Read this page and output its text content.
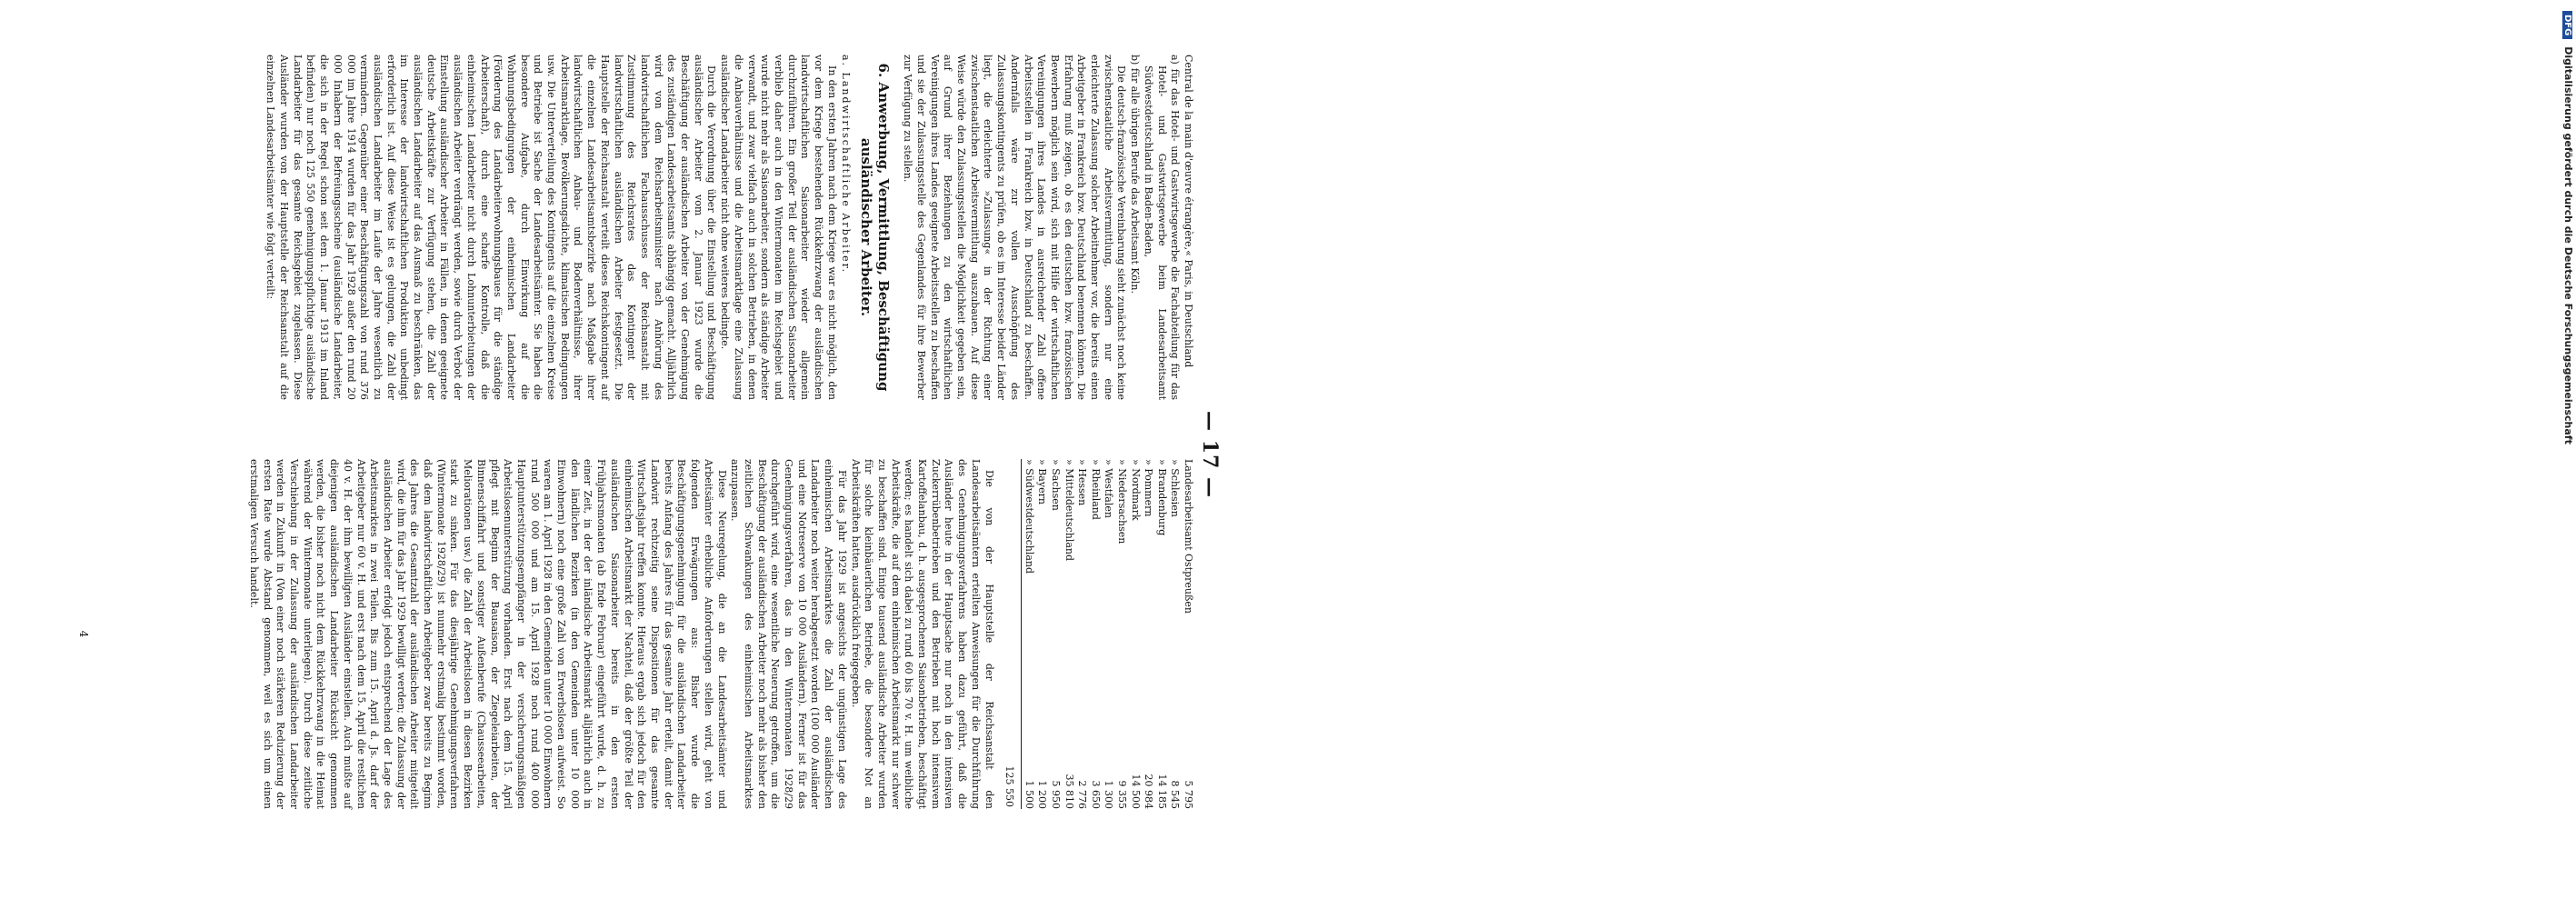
— 17 —

Central de la main d'œuvre étrangère,« Paris, in Deutschland

a) für das Hotel- und Gastwirtsgewerbe die Fachabteilung für das Hotel- und Gastwirtsgewerbe beim Landesarbeitsamt Südwestdeutschland in Baden-Baden,

b) für alle übrigen Berufe das Arbeitsamt Köln.

Die deutsch-französische Vereinbarung sieht zunächst noch keine zwischenstaatliche Arbeitsvermittlung, sondern nur eine erleichterte Zulassung solcher Arbeitnehmer vor, die bereits einen Arbeitgeber in Frankreich bzw. Deutschland benennen können. Die Erfahrung muß zeigen, ob es den deutschen bzw. französischen Bewerbern möglich sein wird, sich mit Hilfe der wirtschaftlichen Vereinigungen ihres Landes in ausreichender Zahl offene Arbeitsstellen in Frankreich bzw. in Deutschland zu beschaffen. Andernfalls wäre zur vollen Ausschöpfung des Zulassungskontingents zu prüfen, ob es im Interesse beider Länder liegt, die erleichterte »Zulassung« in der Richtung einer zwischenstaatlichen Arbeitsvermittlung auszubauen. Auf diese Weise würde den Zulassungsstellen die Möglichkeit gegeben sein, auf Grund ihrer Beziehungen zu den wirtschaftlichen Vereinigungen ihres Landes geeignete Arbeitsstellen zu beschaffen und sie der Zulassungsstelle des Gegenlandes für ihre Bewerber zur Verfügung zu stellen.

6. Anwerbung, Vermittlung, Beschäftigung
ausländischer Arbeiter.

a. Landwirtschaftliche Arbeiter.

In den ersten Jahren nach dem Kriege war es nicht möglich, den vor dem Kriege bestehenden Rückkehrzwang der ausländischen landwirtschaftlichen Saisonarbeiter wieder allgemein durchzuführen. Ein großer Teil der ausländischen Saisonarbeiter verblieb daher auch in den Wintermonaten im Reichsgebiet und wurde nicht mehr als Saisonarbeiter, sondern als ständige Arbeiter verwandt, und zwar vielfach auch in solchen Betrieben, in denen die Anbauverhältnisse und die Arbeitsmarktlage eine Zulassung ausländischer Landarbeiter nicht ohne weiteres bedingte.

Durch die Verordnung über die Einstellung und Beschäftigung ausländischer Arbeiter vom 2. Januar 1923 wurde die Beschäftigung der ausländischen Arbeiter von der Genehmigung des zuständigen Landesarbeitsamts abhängig gemacht. Alljährlich wird von dem Reichsarbeitsminister nach Anhörung des landwirtschaftlichen Fachausschusses der Reichsanstalt mit Zustimmung des Reichsrates das Kontingent der landwirtschaftlichen ausländischen Arbeiter festgesetzt. Die Hauptstelle der Reichsanstalt verteilt dieses Reichskontingent auf die einzelnen Landesarbeitsamtsbezirke nach Maßgabe ihrer landwirtschaftlichen Anbau- und Bodenverhältnisse, ihrer Arbeitsmarktlage, Bevölkerungsdichte, klimatischen Bedingungen usw. Die Unterverteilung des Kontingents auf die einzelnen Kreise und Betriebe ist Sache der Landesarbeitsämter. Sie haben die besondere Aufgabe, durch Einwirkung auf die Wohnungsbedingungen der einheimischen Landarbeiter (Förderung des Landarbeiterwohnungsbaues für die ständige Arbeiterschaft), durch eine scharfe Kontrolle, daß die einheimischen Landarbeiter nicht durch Lohnunterbietungen der ausländischen Arbeiter verdrängt werden, sowie durch Verbot der Einstellung ausländischer Arbeiter in Fällen, in denen geeignete deutsche Arbeitskräfte zur Verfügung stehen, die Zahl der ausländischen Landarbeiter auf das Ausmaß zu beschränken, das im Interesse der landwirtschaftlichen Produktion unbedingt erforderlich ist. Auf diese Weise ist es gelungen, die Zahl der ausländischen Landarbeiter im Laufe der Jahre wesentlich zu vermindern. Gegenüber einer Beschäftigungszahl von rund 376 000 im Jahre 1914 wurden für das Jahr 1928 außer den rund 20 000 Inhabern der Befreiungsscheine (ausländische Landarbeiter, die sich in der Regel schon seit dem 1. Januar 1913 im Inland befinden) nur noch 125 550 genehmigungspflichtige ausländische Landarbeiter für das gesamte Reichsgebiet zugelassen. Diese Ausländer wurden von der Hauptstelle der Reichsanstalt auf die einzelnen Landesarbeitsämter wie folgt verteilt:

Landesarbeitsamt Ostpreußen	5 795
» Schlesien	8 545
» Brandenburg	14 185
» Pommern	20 984
» Nordmark	14 500
» Niedersachsen	9 355
» Westfalen	1 300
» Rheinland	3 650
» Hessen	2 776
» Mitteldeutschland	35 810
» Sachsen	5 950
» Bayern	1 200
» Südwestdeutschland	1 500

125 550

Die von der Hauptstelle der Reichsanstalt den Landesarbeitsämtern erteilten Anweisungen für die Durchführung des Genehmigungsverfahrens haben dazu geführt, daß die Ausländer heute in der Hauptsache nur noch in den intensiven Zuckerrübenbetrieben und den Betrieben mit hoch intensivem Kartoffelanbau, d. h. ausgesprochenen Saisonbetrieben, beschäftigt werden; es handelt sich dabei zu rund 60 bis 70 v. H. um weibliche Arbeitskräfte, die auf dem einheimischen Arbeitsmarkt nur schwer zu beschaffen sind. Einige tausend ausländische Arbeiter wurden für solche kleinbäuerlichen Betriebe, die besondere Not an Arbeitskräften hatten, ausdrücklich freigegeben.

Für das Jahr 1929 ist angesichts der ungünstigen Lage des einheimischen Arbeitsmarktes die Zahl der ausländischen Landarbeiter noch weiter herabgesetzt worden (100 000 Ausländer und eine Notreserve von 10 000 Ausländern). Ferner ist für das Genehmigungsverfahren, das in den Wintermonaten 1928/29 durchgeführt wird, eine wesentliche Neuerung getroffen, um die Beschäftigung der ausländischen Arbeiter noch mehr als bisher den zeitlichen Schwankungen des einheimischen Arbeitsmarktes anzupassen.

Diese Neuregelung, die an die Landesarbeitsämter und Arbeitsämter erhebliche Anforderungen stellen wird, geht von folgenden Erwägungen aus: Bisher wurde die Beschäftigungsgenehmigung für die ausländischen Landarbeiter bereits Anfang des Jahres für das gesamte Jahr erteilt, damit der Landwirt rechtzeitig seine Dispositionen für das gesamte Wirtschaftsjahr treffen konnte. Hieraus ergab sich jedoch für den einheimischen Arbeitsmarkt der Nachteil, daß der größte Teil der ausländischen Saisonarbeiter bereits in den ersten Frühjahrsmonaten (ab Ende Februar) eingeführt wurde, d. h. zu einer Zeit, in der der inländische Arbeitsmarkt alljährlich auch in den ländlichen Bezirken (in den Gemeinden unter 10 000 Einwohnern) noch eine große Zahl von Erwerbslosen aufweist. So waren am 1. April 1928 in den Gemeinden unter 10 000 Einwohnern rund 500 000 und am 15. April 1928 noch rund 400 000 Hauptunterstützungsempfänger in der versicherungsmäßigen Arbeitslosenunterstützung vorhanden. Erst nach dem 15. April pflegt mit Beginn der Bausaison, der Ziegeleiarbeiten, der Binnenschiffahrt und sonstiger Außenberufe (Chausseearbeiten, Meliorationen usw.) die Zahl der Arbeitslosen in diesen Bezirken stark zu sinken. Für das diesjährige Genehmigungsverfahren (Wintermonate 1928/29) ist nunmehr erstmalig bestimmt worden, daß dem landwirtschaftlichen Arbeitgeber zwar bereits zu Beginn des Jahres die Gesamtzahl der ausländischen Arbeiter mitgeteilt wird, die ihm für das Jahr 1929 bewilligt werden; die Zulassung der ausländischen Arbeiter erfolgt jedoch entsprechend der Lage des Arbeitsmarktes in zwei Teilen. Bis zum 15. April d. Js. darf der Arbeitgeber nur 60 v. H. und erst nach dem 15. April die restlichen 40 v. H. der ihm bewilligten Ausländer einstellen. Auch mußte auf diejenigen ausländischen Landarbeiter Rücksicht genommen werden, die bisher noch nicht dem Rückkehrzwang in die Heimat während der Wintermonate unterliegen). Durch diese zeitliche Verschiebung in der Zulassung der ausländischen Landarbeiter werden in Zukunft in (Von einer noch stärkeren Reduzierung der ersten Rate wurde Abstand genommen, weil es sich um einen erstmaligen Versuch handelt.

4
DFG Digitalisierung gefördert durch die Deutsche Forschungsgemeinschaft
